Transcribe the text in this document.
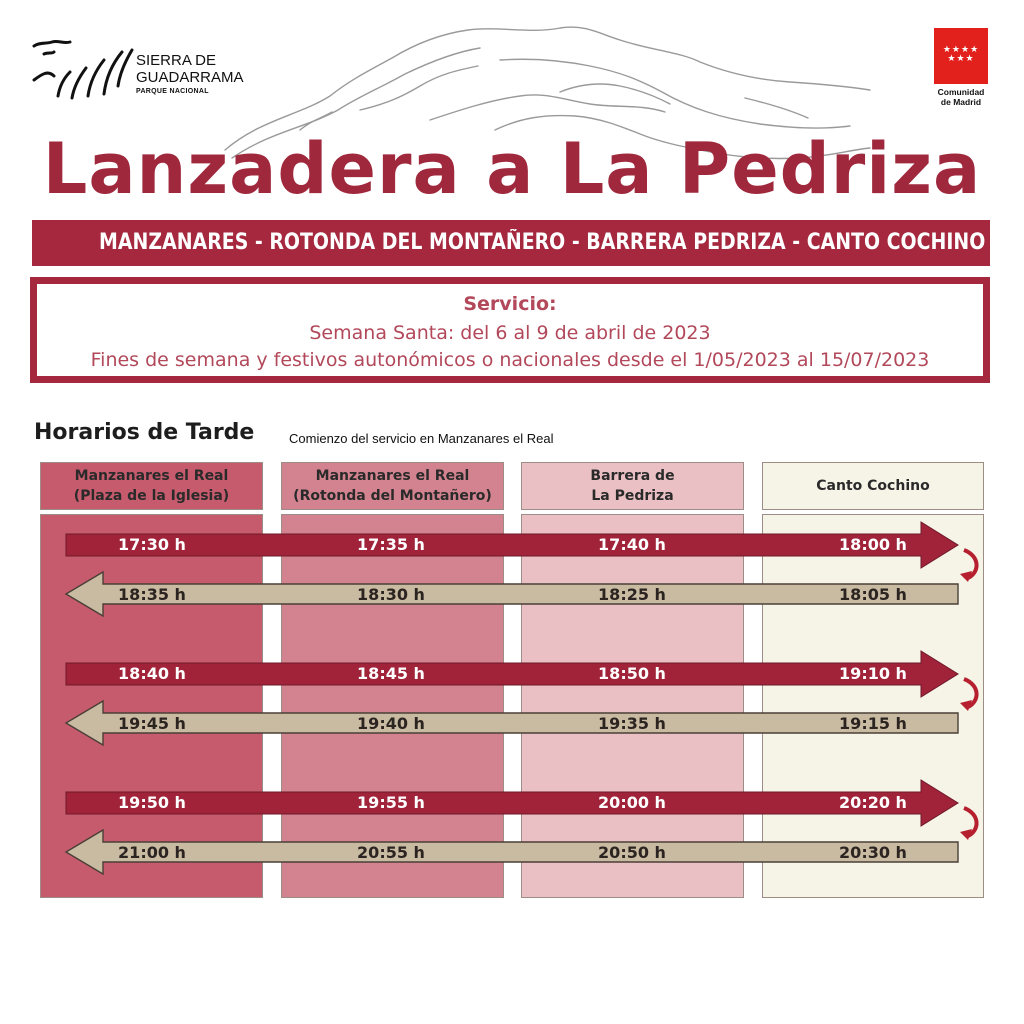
SIERRA DE
GUADARRAMA
PARQUE NACIONAL
★★★★
★★★
Comunidad
de Madrid
Lanzadera a La Pedriza
MANZANARES - ROTONDA DEL MONTAÑERO - BARRERA PEDRIZA - CANTO COCHINO
Servicio:
Semana Santa: del 6 al 9 de abril de 2023
Fines de semana y festivos autonómicos o nacionales desde el 1/05/2023 al 15/07/2023
Horarios de Tarde	Comienzo del servicio en Manzanares el Real
Manzanares el Real
(Plaza de la Iglesia)
Manzanares el Real
(Rotonda del Montañero)
Barrera de
La Pedriza
Canto Cochino
17:30 h	17:35 h	17:40 h	18:00 h
18:35 h	18:30 h	18:25 h	18:05 h
18:40 h	18:45 h	18:50 h	19:10 h
19:45 h	19:40 h	19:35 h	19:15 h
19:50 h	19:55 h	20:00 h	20:20 h
21:00 h	20:55 h	20:50 h	20:30 h
